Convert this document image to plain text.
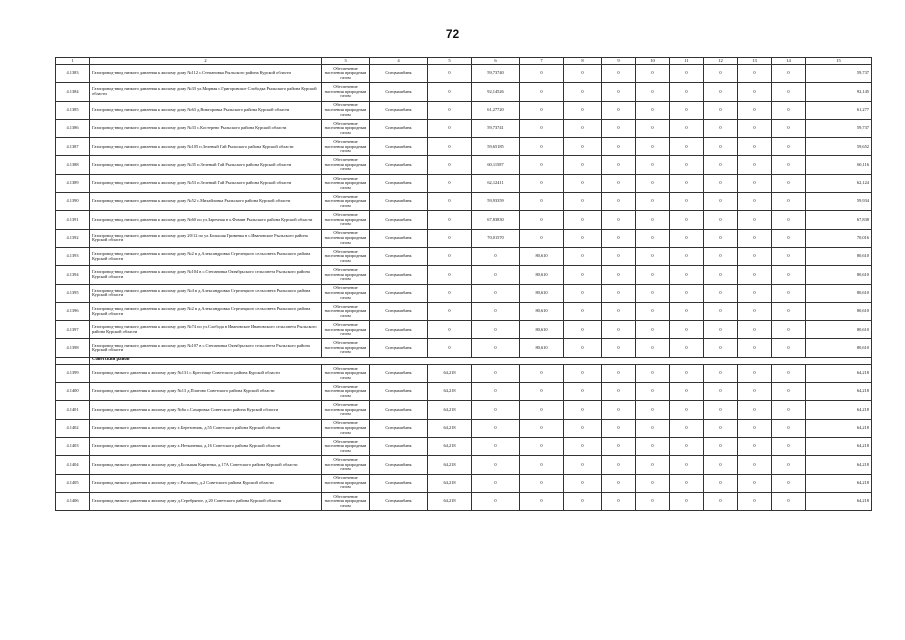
72
1	2	3	4	5	6	7	8	9	10	11	12	13	14	15
4.1383	Газопровод-ввод низкого давления к жилому дому №112 с.Степановка Рыльского района Курской области	Обеспечение населения природным газом	Спецмашбанк	0	59,73740	0	0	0	0	0	0	0	0	59,737
4.1384	Газопровод-ввод низкого давления к жилому дому №33 ул.Мирная с.Григоровское Слободка Рыльского района Курской области	Обеспечение населения природным газом	Спецмашбанк	0	92,14526	0	0	0	0	0	0	0	0	92,145
4.1385	Газопровод-ввод низкого давления к жилому дому №63 д.Викторовка Рыльского района Курской области	Обеспечение населения природным газом	Спецмашбанк	0	61,27720	0	0	0	0	0	0	0	0	61,277
4.1386	Газопровод-ввод низкого давления к жилому дому №33 с.Костерево Рыльского района Курской области	Обеспечение населения природным газом	Спецмашбанк	0	59,73741	0	0	0	0	0	0	0	0	59,737
4.1387	Газопровод-ввод низкого давления к жилому дому №105 п.Зеленый Гай Рыльского района Курской области	Обеспечение населения природным газом	Спецмашбанк	0	59,65185	0	0	0	0	0	0	0	0	59,652
4.1388	Газопровод-ввод низкого давления к жилому дому №35 п.Зеленый Гай Рыльского района Курской области	Обеспечение населения природным газом	Спецмашбанк	0	60,11587	0	0	0	0	0	0	0	0	60,116
4.1389	Газопровод-ввод низкого давления к жилому дому №53 п.Зеленый Гай Рыльского района Курской области	Обеспечение населения природным газом	Спецмашбанк	0	62,12411	0	0	0	0	0	0	0	0	62,124
4.1390	Газопровод-ввод низкого давления к жилому дому №52 с.Михайловка Рыльского района Курской области	Обеспечение населения природным газом	Спецмашбанк	0	59,93359	0	0	0	0	0	0	0	0	59,934
4.1391	Газопровод-ввод низкого давления к жилому дому №60 по ул.Заречная в х.Фомин Рыльского района Курской области	Обеспечение населения природным газом	Спецмашбанк	0	67,83830	0	0	0	0	0	0	0	0	67,838
4.1392	Газопровод-ввод низкого давления к жилому дому 20/12 по ул.Большая Гривенка в с.Ивановское Рыльского района Курской области	Обеспечение населения природным газом	Спецмашбанк	0	70,01570	0	0	0	0	0	0	0	0	70,016
4.1393	Газопровод-ввод низкого давления к жилому дому №2 в д.Александровка Стрелецкого сельсовета Рыльского района Курской области	Обеспечение населения природным газом	Спецмашбанк	0	0	80,610	0	0	0	0	0	0	0	80,610
4.1394	Газопровод-ввод низкого давления к жилому дому №104 в с.Степановка Октябрьского сельсовета Рыльского района Курской области	Обеспечение населения природным газом	Спецмашбанк	0	0	80,610	0	0	0	0	0	0	0	80,610
4.1395	Газопровод-ввод низкого давления к жилому дому №4 в д.Александровка Стрелецкого сельсовета Рыльского района Курской области	Обеспечение населения природным газом	Спецмашбанк	0	0	80,610	0	0	0	0	0	0	0	80,610
4.1396	Газопровод-ввод низкого давления к жилому дому №2 в д.Александровка Стрелецкого сельсовета Рыльского района Курской области	Обеспечение населения природным газом	Спецмашбанк	0	0	80,610	0	0	0	0	0	0	0	80,610
4.1397	Газопровод-ввод низкого давления к жилому дому №74 по ул.Слобода в Ивановское Ивановского сельсовета Рыльского района Курской области	Обеспечение населения природным газом	Спецмашбанк	0	0	80,610	0	0	0	0	0	0	0	80,610
4.1398	Газопровод-ввод низкого давления к жилому дому №107 в с.Степановка Октябрьского сельсовета Рыльского района Курской области	Обеспечение населения природным газом	Спецмашбанк	0	0	80,610	0	0	0	0	0	0	0	80,610
	Советский район													
4.1399	Газопровод низкого давления к жилому дому №131 с.Крестище Советского района Курской области	Обеспечение населения природным газом	Спецмашбанк	64,218	0	0	0	0	0	0	0	0	0	64,218
4.1400	Газопровод низкого давления к жилому дому №13 д.Платово Советского района Курской области	Обеспечение населения природным газом	Спецмашбанк	64,218	0	0	0	0	0	0	0	0	0	64,218
4.1401	Газопровод низкого давления к жилому дому №6а с.Сахаровка Советского района Курской области	Обеспечение населения природным газом	Спецмашбанк	64,218	0	0	0	0	0	0	0	0	0	64,218
4.1402	Газопровод низкого давления к жилому дому х.Березовчик, д.55 Советского района Курской области	Обеспечение населения природным газом	Спецмашбанк	64,218	0	0	0	0	0	0	0	0	0	64,218
4.1403	Газопровод низкого давления к жилому дому х.Неткачевка, д.16 Советского района Курской области	Обеспечение населения природным газом	Спецмашбанк	64,218	0	0	0	0	0	0	0	0	0	64,218
4.1404	Газопровод низкого давления к жилому дому д.Большая Карпенка, д.17А Советского района Курской области	Обеспечение населения природным газом	Спецмашбанк	64,218	0	0	0	0	0	0	0	0	0	64,218
4.1405	Газопровод низкого давления к жилому дому с.Расховец, д.2 Советского района Курской области	Обеспечение населения природным газом	Спецмашбанк	64,218	0	0	0	0	0	0	0	0	0	64,218
4.1406	Газопровод низкого давления к жилому дому д.Серебряное, д.20 Советского района Курской области	Обеспечение населения природным газом	Спецмашбанк	64,218	0	0	0	0	0	0	0	0	0	64,218
